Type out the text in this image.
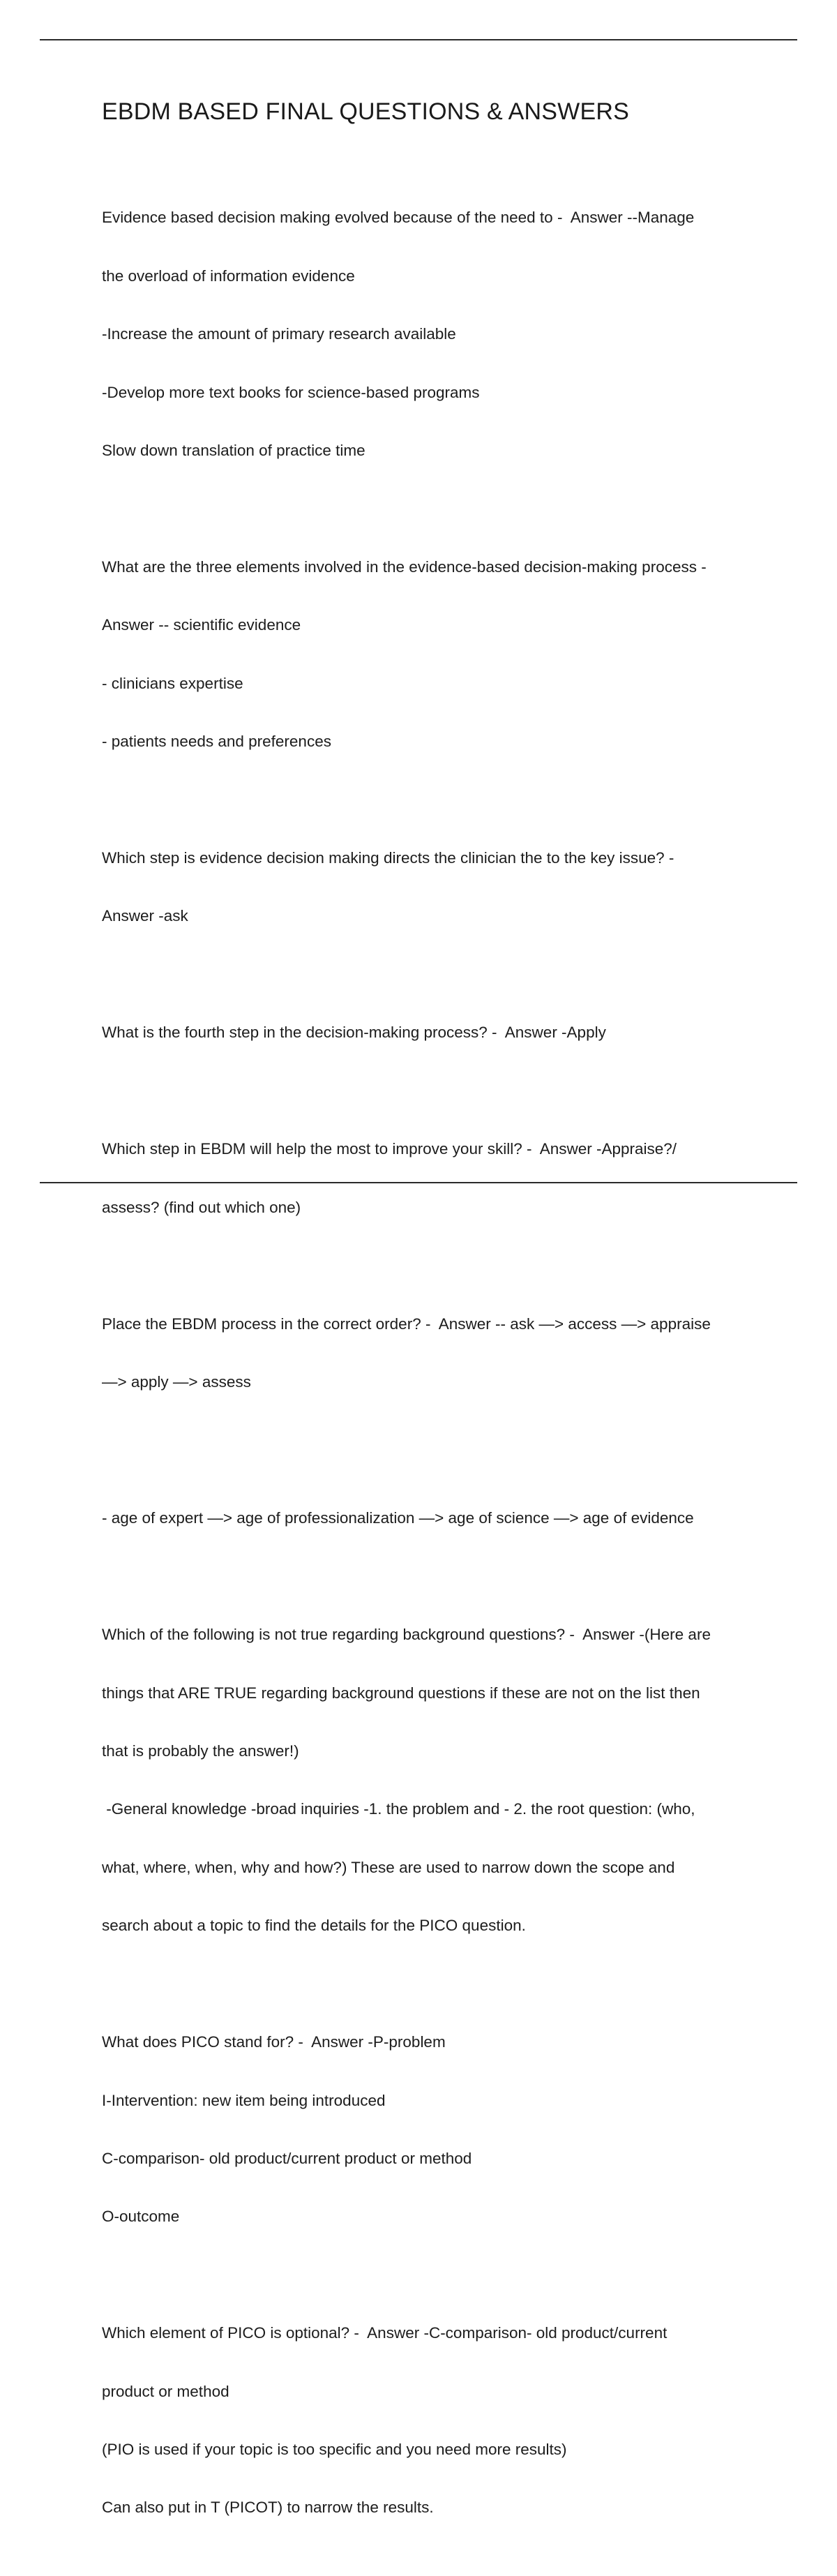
EBDM BASED FINAL QUESTIONS & ANSWERS

Evidence based decision making evolved because of the need to -  Answer --Manage

the overload of information evidence

-Increase the amount of primary research available

-Develop more text books for science-based programs

Slow down translation of practice time

What are the three elements involved in the evidence-based decision-making process -

Answer -- scientific evidence

- clinicians expertise

- patients needs and preferences

Which step is evidence decision making directs the clinician the to the key issue? -

Answer -ask

What is the fourth step in the decision-making process? -  Answer -Apply

Which step in EBDM will help the most to improve your skill? -  Answer -Appraise?/

assess? (find out which one)

Place the EBDM process in the correct order? -  Answer -- ask —> access —> appraise

—> apply —> assess

- age of expert —> age of professionalization —> age of science —> age of evidence

Which of the following is not true regarding background questions? -  Answer -(Here are

things that ARE TRUE regarding background questions if these are not on the list then

that is probably the answer!)

-General knowledge -broad inquiries -1. the problem and - 2. the root question: (who,

what, where, when, why and how?) These are used to narrow down the scope and

search about a topic to find the details for the PICO question.

What does PICO stand for? -  Answer -P-problem

I-Intervention: new item being introduced

C-comparison- old product/current product or method

O-outcome

Which element of PICO is optional? -  Answer -C-comparison- old product/current

product or method

(PIO is used if your topic is too specific and you need more results)

Can also put in T (PICOT) to narrow the results.
